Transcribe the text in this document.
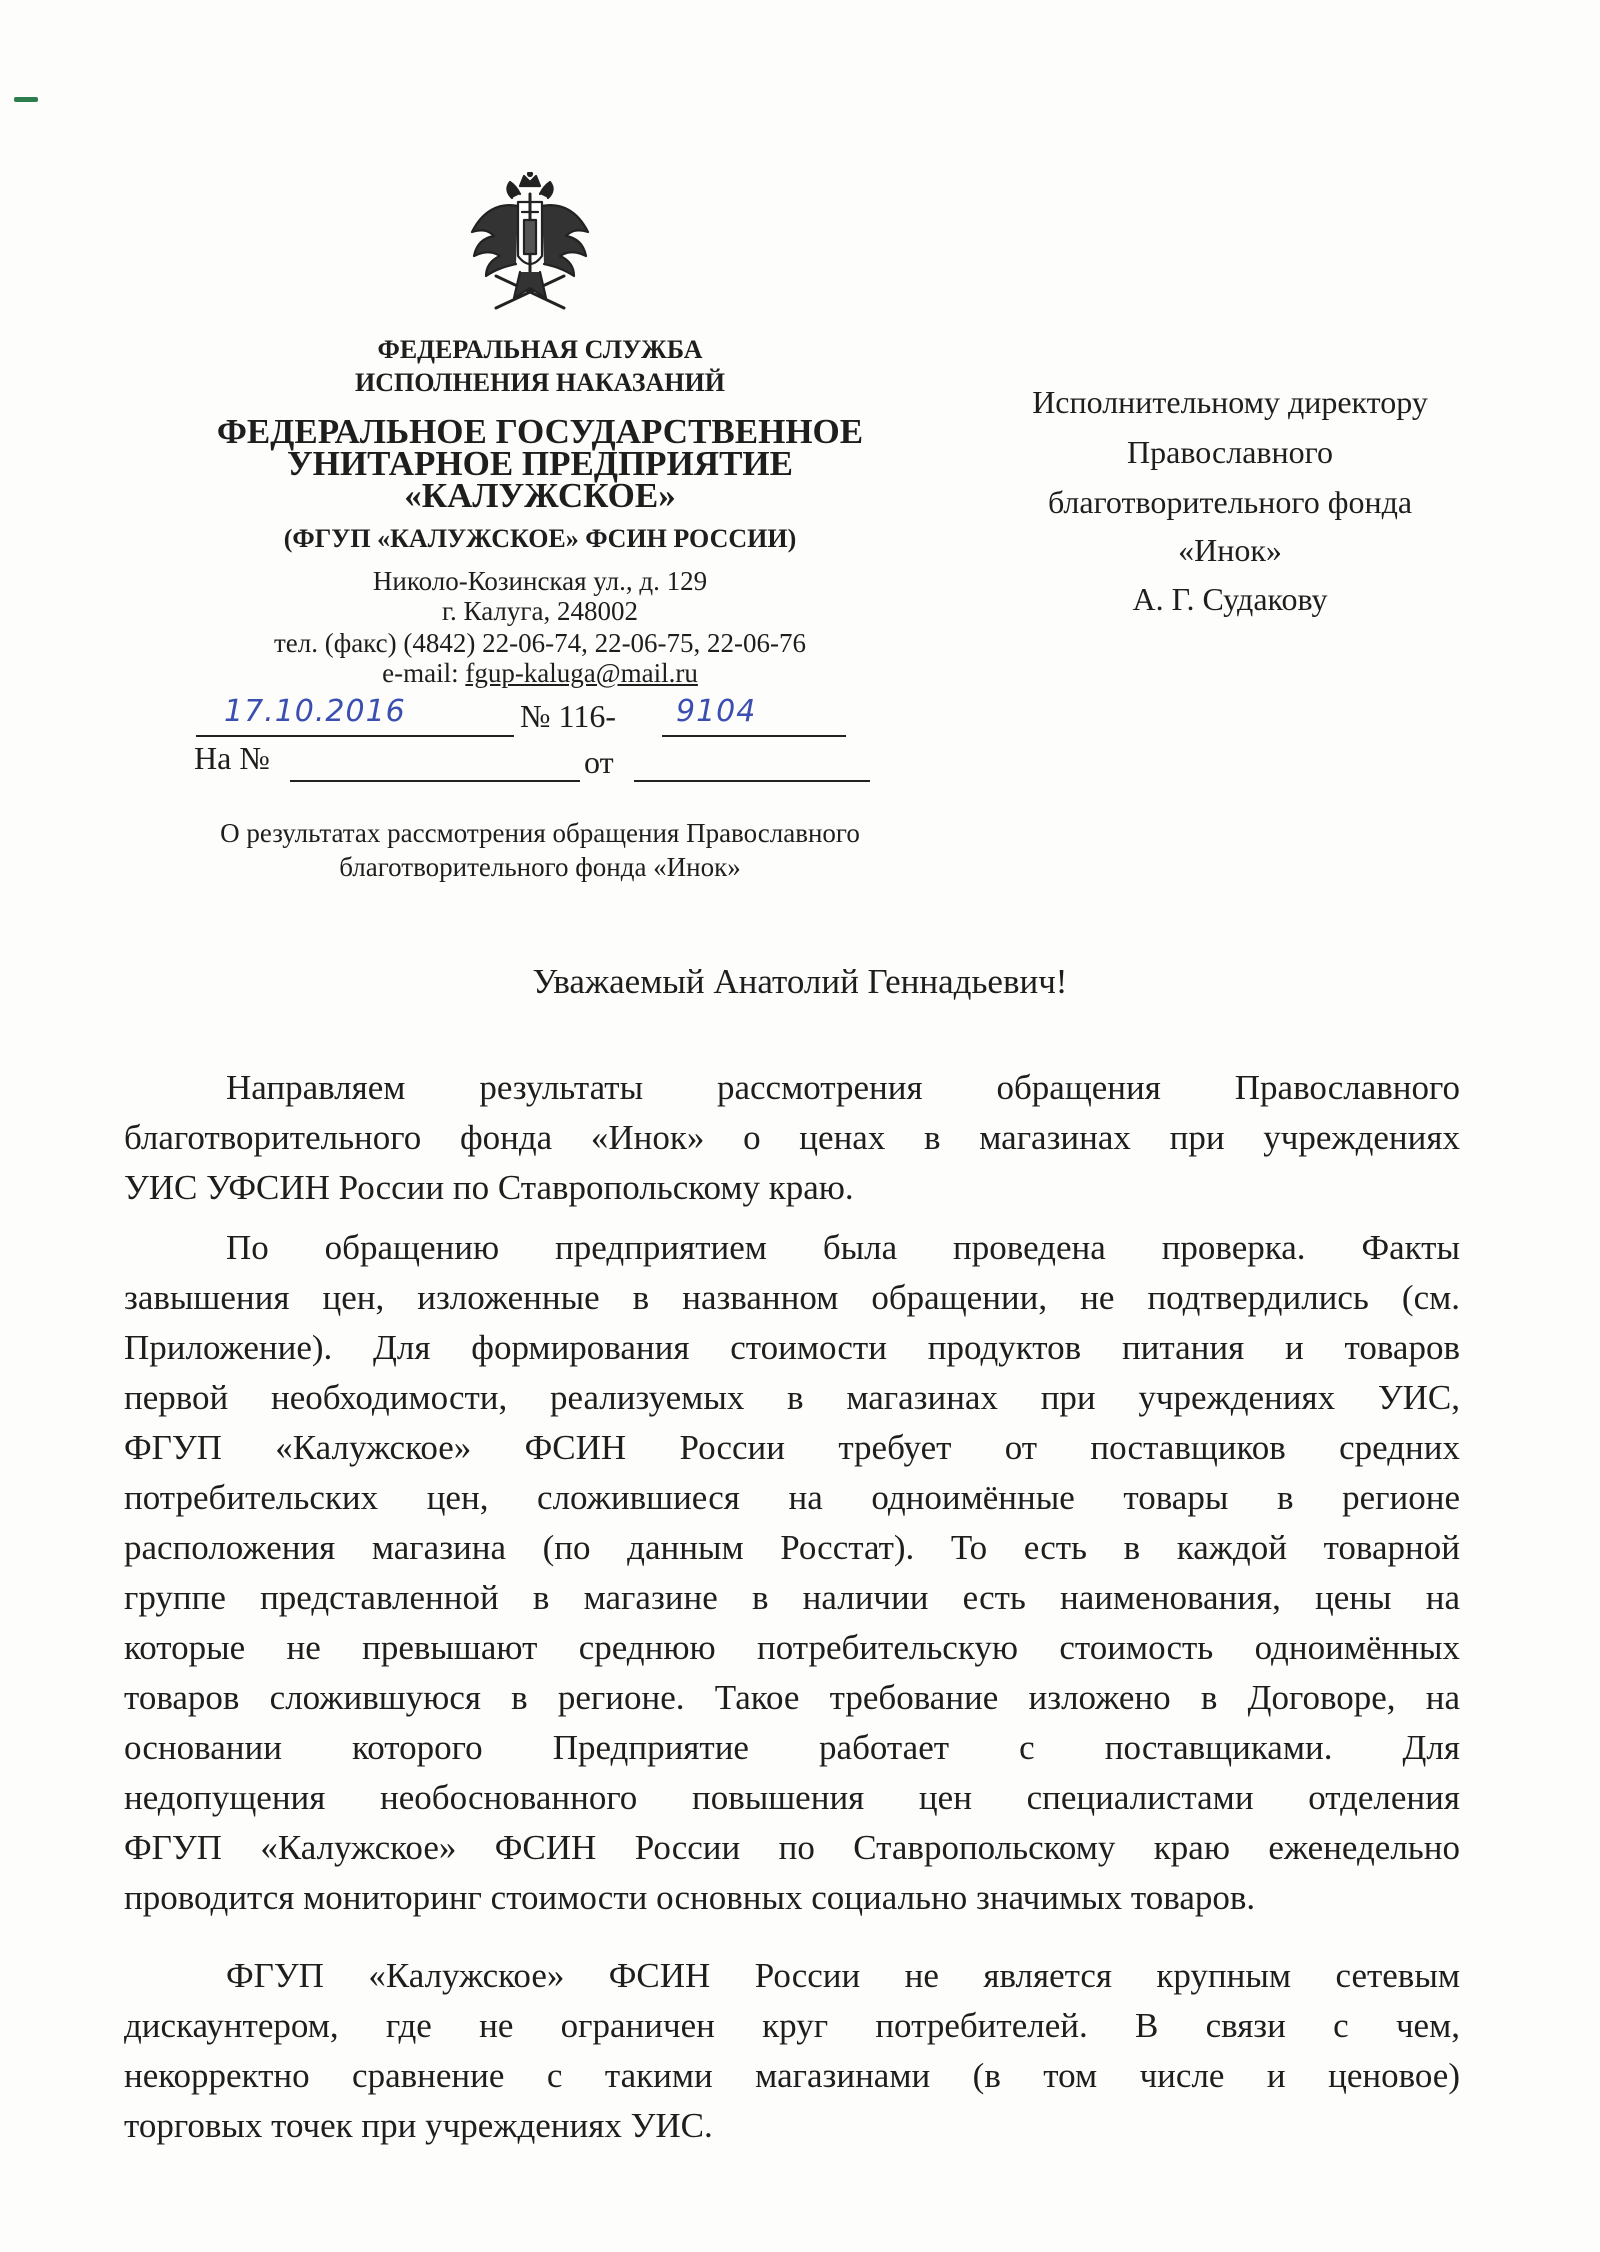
ФЕДЕРАЛЬНАЯ СЛУЖБА
ИСПОЛНЕНИЯ НАКАЗАНИЙ
ФЕДЕРАЛЬНОЕ ГОСУДАРСТВЕННОЕ
УНИТАРНОЕ ПРЕДПРИЯТИЕ
«КАЛУЖСКОЕ»
(ФГУП «КАЛУЖСКОЕ» ФСИН РОССИИ)
Николо-Козинская ул., д. 129
г. Калуга, 248002
тел. (факс) (4842) 22-06-74, 22-06-75, 22-06-76
e-mail: fgup-kaluga@mail.ru
17.10.2016	№ 116- 9104
На №	от
О результатах рассмотрения обращения Православного
благотворительного фонда «Инок»
Исполнительному директору
Православного
благотворительного фонда
«Инок»
А. Г. Судакову
Уважаемый Анатолий Геннадьевич!
Направляем результаты рассмотрения обращения Православного
благотворительного фонда «Инок» о ценах в магазинах при учреждениях
УИС УФСИН России по Ставропольскому краю.
По обращению предприятием была проведена проверка. Факты
завышения цен, изложенные в названном обращении, не подтвердились (см.
Приложение). Для формирования стоимости продуктов питания и товаров
первой необходимости, реализуемых в магазинах при учреждениях УИС,
ФГУП «Калужское» ФСИН России требует от поставщиков средних
потребительских цен, сложившиеся на одноимённые товары в регионе
расположения магазина (по данным Росстат). То есть в каждой товарной
группе представленной в магазине в наличии есть наименования, цены на
которые не превышают среднюю потребительскую стоимость одноимённых
товаров сложившуюся в регионе. Такое требование изложено в Договоре, на
основании которого Предприятие работает с поставщиками. Для
недопущения необоснованного повышения цен специалистами отделения
ФГУП «Калужское» ФСИН России по Ставропольскому краю еженедельно
проводится мониторинг стоимости основных социально значимых товаров.
ФГУП «Калужское» ФСИН России не является крупным сетевым
дискаунтером, где не ограничен круг потребителей. В связи с чем,
некорректно сравнение с такими магазинами (в том числе и ценовое)
торговых точек при учреждениях УИС.
